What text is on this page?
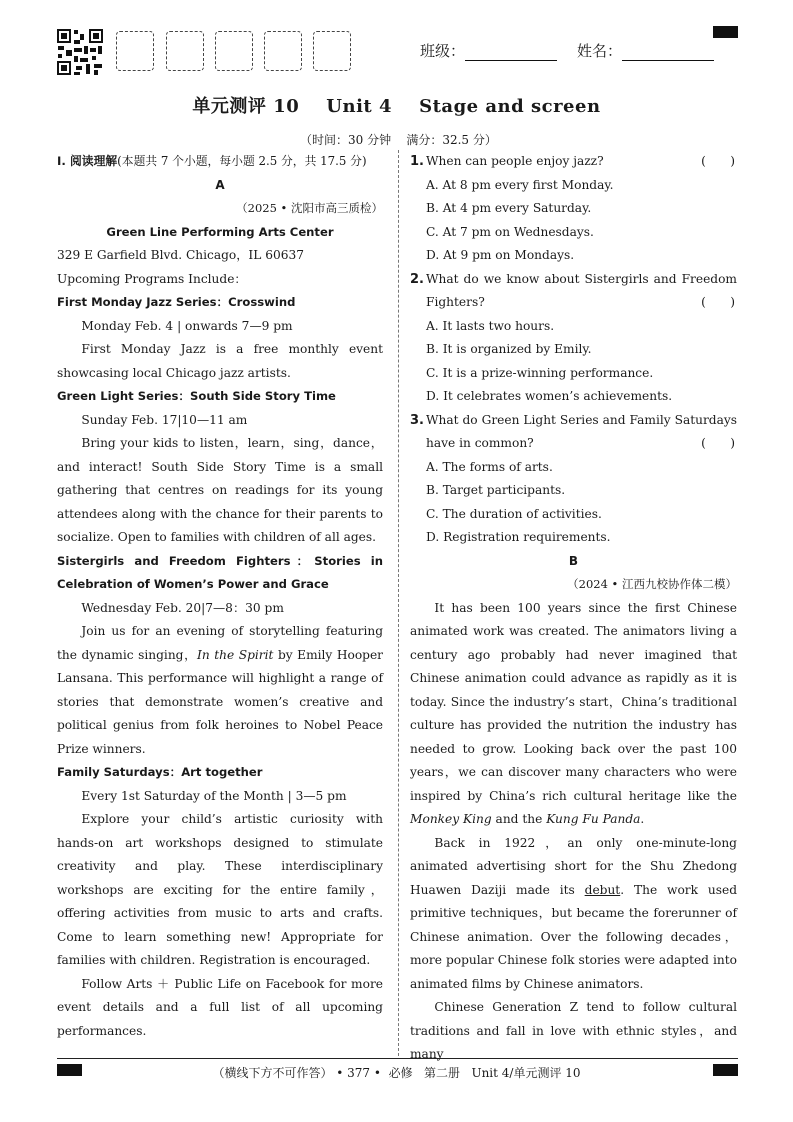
班级：	姓名：
单元测评 10    Unit 4    Stage and screen
（时间：30 分钟    满分：32.5 分）

Ⅰ. 阅读理解(本题共 7 个小题，每小题 2.5 分，共 17.5 分)

A

（2025 • 沈阳市高三质检）

Green Line Performing Arts Center

329 E Garfield Blvd. Chicago，IL 60637

Upcoming Programs Include：

First Monday Jazz Series：Crosswind

Monday Feb. 4 | onwards 7—9 pm

First Monday Jazz is a free monthly event showcasing local Chicago jazz artists.

Green Light Series：South Side Story Time

Sunday Feb. 17|10—11 am

Bring your kids to listen，learn，sing，dance，and interact! South Side Story Time is a small gathering that centres on readings for its young attendees along with the chance for their parents to socialize. Open to families with children of all ages.

Sistergirls and Freedom Fighters：Stories in Celebration of Women’s Power and Grace

Wednesday Feb. 20|7—8：30 pm

Join us for an evening of storytelling featuring the dynamic singing，In the Spirit by Emily Hooper Lansana. This performance will highlight a range of stories that demonstrate women’s creative and political genius from folk heroines to Nobel Peace Prize winners.

Family Saturdays：Art together

Every 1st Saturday of the Month | 3—5 pm

Explore your child’s artistic curiosity with hands-on art workshops designed to stimulate creativity and play. These interdisciplinary workshops are exciting for the entire family，offering activities from music to arts and crafts. Come to learn something new! Appropriate for families with children. Registration is encouraged.

Follow Arts ＋ Public Life on Facebook for more event details and a full list of all upcoming performances.

1. When can people enjoy jazz?	(　　)

A. At 8 pm every first Monday.

B. At 4 pm every Saturday.

C. At 7 pm on Wednesdays.

D. At 9 pm on Mondays.

2. What do we know about Sistergirls and Freedom Fighters?	(　　)

A. It lasts two hours.

B. It is organized by Emily.

C. It is a prize-winning performance.

D. It celebrates women’s achievements.

3. What do Green Light Series and Family Saturdays have in common?	(　　)

A. The forms of arts.

B. Target participants.

C. The duration of activities.

D. Registration requirements.

B

（2024 • 江西九校协作体二模）

It has been 100 years since the first Chinese animated work was created. The animators living a century ago probably had never imagined that Chinese animation could advance as rapidly as it is today. Since the industry’s start，China’s traditional culture has provided the nutrition the industry has needed to grow. Looking back over the past 100 years，we can discover many characters who were inspired by China’s rich cultural heritage like the Monkey King and the Kung Fu Panda.

Back in 1922，an only one-minute-long animated advertising short for the Shu Zhedong Huawen Daziji made its debut. The work used primitive techniques，but became the forerunner of Chinese animation. Over the following decades，more popular Chinese folk stories were adapted into animated films by Chinese animators.

Chinese Generation Z tend to follow cultural traditions and fall in love with ethnic styles，and many

（横线下方不可作答） • 377 •  必修   第二册   Unit 4/单元测评 10
